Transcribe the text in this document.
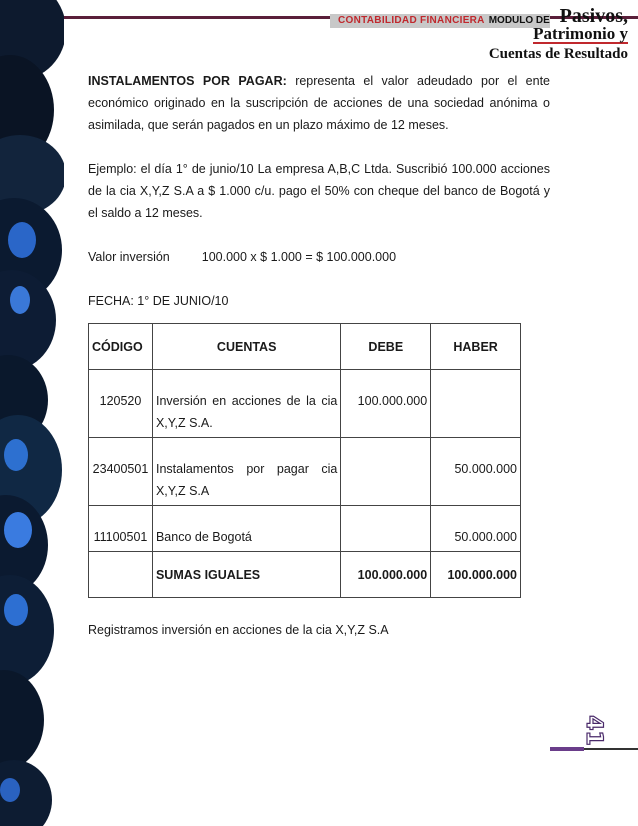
CONTABILIDAD FINANCIERA MODULO DE Pasivos,
Patrimonio y
Cuentas de Resultado

INSTALAMENTOS POR PAGAR: representa el valor adeudado por el ente económico originado en la suscripción de acciones de una sociedad anónima o asimilada, que serán pagados en un plazo máximo de 12 meses.

Ejemplo: el día 1° de junio/10 La empresa A,B,C Ltda. Suscribió 100.000 acciones de la cia X,Y,Z S.A a $ 1.000 c/u. pago el 50% con cheque del banco de Bogotá y el saldo a 12 meses.

Valor inversión	100.000 x $ 1.000 = $ 100.000.000

FECHA: 1° DE JUNIO/10

CÓDIGO	CUENTAS	DEBE	HABER
120520	Inversión en acciones de la cia X,Y,Z S.A.	100.000.000	
23400501	Instalamentos por pagar cia X,Y,Z S.A		50.000.000
11100501	Banco de Bogotá		50.000.000
	SUMAS IGUALES	100.000.000	100.000.000

Registramos inversión en acciones de la cia X,Y,Z S.A

41
